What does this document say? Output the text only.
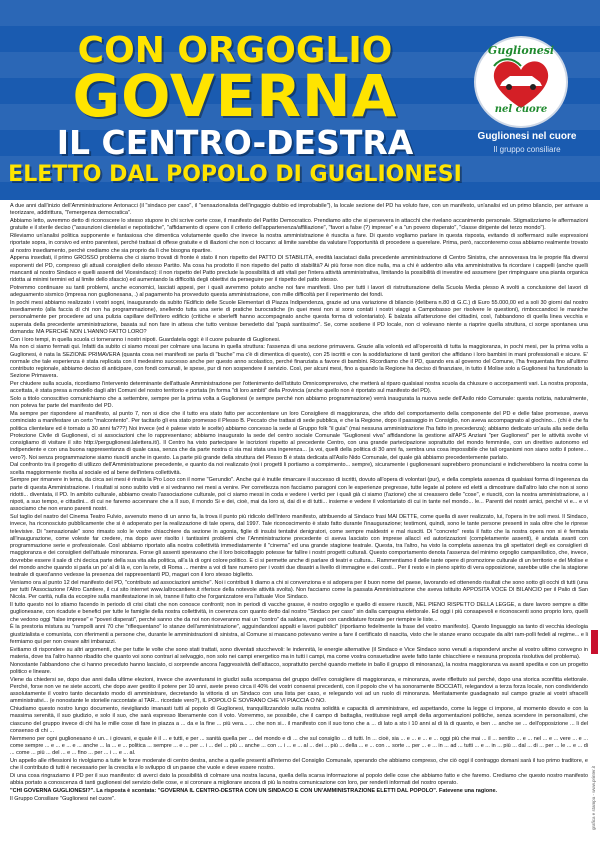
CON ORGOGLIO
GOVERNA
IL CENTRO-DESTRA
ELETTO DAL POPOLO DI GUGLIONESI
Guglionesi
nel cuore
Guglionesi nel cuore
Il gruppo consiliare

A due anni dall'inizio dell'Amministrazione Antonacci (il "sindaco per caso", il "sensazionalista dell'ingaggio dubbio ed improbabile"), la locale sezione del PD ha voluto fare, con un manifesto, un'analisi ed un primo bilancio, per arrivare a teorizzare, addirittura, "l'emergenza democratica".

Abbiamo letto, avremmo detto di riconoscere lo stesso stupore in chi scrive certe cose, il manifesto del Partito Democratico. Prendiamo atto che si persevera in attacchi che rivelano accanimento personale. Stigmatizziamo le affermazioni gratuite e il sterile deciso ("assunzioni clientelari e nepotistiche", "affidamento di opere con il criterio dell'appartenenza/affiliazione", "favori a false (?) imprese" e a "un povero disperato", "classe dirigente del terzo mondo").

Rileviamo un'analisi politica supponente e fantasiosa che dimentica volutamente quello che invece la nostra amministrazione è riuscita a fare. Di questo vogliamo parlare in questa risposta, evitando di soffermarci sulle espressioni riportate sopra, in corsivo ed entro parentesi, perché trattasi di offese gratuite e di illazioni che non ci toccano: al limite sarebbe da valutare l'opportunità di procedere a querelare. Prima, però, racconteremo cosa abbiamo realmente trovato al nostro insediamento, perché crediamo che sia proprio da lì che bisogna ripartire.

Appena insediati, il primo GROSSO problema che ci siamo trovati di fronte è stato il non rispetto del PATTO DI STABILITÀ, eredità lasciataci dalla precedente amministrazione di Centro Sinistra, che annoverava tra le proprie fila diversi esponenti del PD, compreso gli attuali consiglieri dello stesso Partito. Ma cosa ha prodotto il non rispetto del patto di stabilità? Ai più forse non dice nulla, ma a chi è addentro alla vita amministrativa fa ricordare i cappelli (anche quelli mancanti al nostro Sindaco e quelli assenti del Vicesindaco): il non rispetto del Patto preclude la possibilità di atti vitali per l'intera attività amministrativa, limitando la possibilità di investire ed assumere (per rimpinguare una pianta organica ridotta ai minimi termini ed al limite dello sfascio) ed aumentando la difficoltà degli obiettivi da perseguire per il rispetto del patto stesso.

Potremmo continuare su tanti problemi, anche economici, lasciati appesi, per i quali avremmo potuto anche noi fare manifesti. Uno per tutti i lavori di ristrutturazione della Scuola Media plesso A svolti a conclusione del lavori di adeguamento sismico (impresa non guglionesana, .) al pagamento ha provveduto questa amministrazione, con mille difficoltà per il reperimento dei fondi.

In pochi mesi abbiamo realizzato i vostri sogni, inaugurando da subito l'Edificio delle Scuole Elementari di Piazza Indipendenza, grazie ad una variazione di bilancio (delibera n.80 di G.C.) di Euro 55.000,00 ed a soli 30 giorni dal nostro insediamento (alla faccia di chi non ha programmazione), snellendo tutta una serie di pratiche burocratiche (in quei mesi non si sono contati i nostri viaggi a Campobasso per risolvere le questioni), rimboccandoci le maniche personalmente per procedere ad una pulizia capillare dell'intero edificio (critiche e sberleffi hanno accompagnato anche questa forma di volontariato). È balzata all'attenzione dei cittadini, così, l'abbandono di quella linea vecchia e superata della precedente amministrazione, basata sul non fare in attesa che tutto venisse benedetto dal "papà santissimo". Se, come sostiene il PD locale, non ci volevano niente a riaprire quella struttura, ci sorge spontanea una domanda: MA PERCHÉ NON L'HANNO FATTO LORO?

Con i loro tempi, in quella scuola ci torneranno i nostri nipoti. Guardatela oggi: è il cuore pulsante di Guglionesi.

Ma non ci siamo fermati qui. Infatti da subito ci siamo mossi per colmare una lacuna in quella struttura: l'assenza di una sezione primavera. Grazie alla volontà ed all'operosità di tutta la maggioranza, in pochi mesi, per la prima volta a Guglionesi, è nata la SEZIONE PRIMAVERA (quanta cosa nei manifesti se parla di "buche" ma c'è di dimentica di questo), con 25 iscritti e con la soddisfazione di tanti genitori che affidano i loro bambini in mani professionali e sicure. E' normale che tale esperienza è stata replicata con il medesimo successo anche per questo anno scolastico, perché finanziata a favore di bambini. Ricordiamo che il PD, quando era al governo del Comune, l'ha frequentata fino all'ultimo contributo regionale, abbiamo deciso di anticipare, con fondi comunali, le spese, pur di non sospendere il servizio. Così, per alcuni mesi, fino a quando la Regione ha deciso di finanziare, in tutto il Molise solo a Guglionesi ha funzionato la Sezione Primavera.

Per chiudere sulla scuola, ricordiamo l'intervento determinante dell'attuale Amministrazione per l'ottenimento dell'Istituto Omnicomprensivo, che metterà al riparo qualsiasi nostra scuola da chiusure o accorpamenti vari. La nostra proposta, accettata, è stata presa a modello dagli altri Comuni del nostro territorio e portata (in forma "di loro ambiti" della Provincia (anche quello non è riportato sul manifesto del PD).

Solo a titolo conoscitivo comunichiamo che a settembre, sempre per la prima volta a Guglionesi (e sempre perché non abbiamo programmazione) verrà inaugurata la nuova sede dell'Asilo nido Comunale: questa notizia, naturalmente, non poteva far parte del manifesto del PD.

Ma sempre per rispondere al manifesto, al punto 7, non si dice che il tutto era stato fatto per accontentare un loro Consigliere di maggioranza, che sfido del comportamento della componente del PD e delle false promesse, aveva cominciato a manifestare un certo "malcontento". Per tacitarlo gli era stato promesso il Plesso B. Peccato che trattasi di sede pubblica, e che la Regione, dopo il passaggio in Consiglio, non aveva accompagnato al giochino... (chi è che fa politica clientelare ed è tornato a 30 anni fa???) Noi invece (ed è palese visto le scelte) abbiamo concesso la sede al Gruppo folk "il guia" (mai nessuna amministrazione l'ha fatto in precedenza); abbiamo dedicato un'aula alla sede della Protezione Civile di Guglionesi, ci si associazioni che lo rappresentano; abbiamo inaugurato la sede del centro sociale Comunale "Guglionesi viva" affidandone la gestione all'APS Anziani "per Guglionesi" per le attività svolte vi consigliamo di visitare il sito http://perguglionesi.lalettera.it/). Il Centro ha visto partecipare le iscrizioni rispetto al precedente Centro, con una grande partecipazione soprattutto del mondo femminile, con un direttivo autonomo ed indipendente e con una buona rappresentanza di quale casa, senza che da parte nostra ci sia mai stata una ingerenza... (a voi, quelli della politica di 30 anni fa, sembra una cosa impossibile che tali organismi non siano sotto il potere... vero?). Noi senza programmazione siamo riusciti anche in questo. La parte più grande della struttura del Plesso B è stata dedicata all'Asilo Nido Comunale, del quale già abbiamo precedentemente parlato.

Dal confronto tra il progetto di utilizzo dell'Amministrazione precedente, e quanto da noi realizzato (noi i progetti li portiamo a compimento... sempre), sicuramente i guglionesani saprebbero pronunciarsi e indicherebbero la nostra come la scelta maggiormente rivolta al sociale ed al bene dell'intera collettività.

Sempre per rimanere in tema, da circa sei mesi è rinata la Pro Loco con il nome "Gerundio". Anche qui è inutile rimarcare il successo di iscritti, dovuto all'opera di volontari (pur), e della completa assenza di qualsiasi forma di ingerenza da parte di questa Amministrazione. I risultati si sono subito visti e si vedranno nei mesi a venire. Per correttezza non facciamo paragoni con le esperienze pregresse, tutte legate al potere ed eletti a dimostrare dall'altro lato che non si sono ridotti... diventata, il PD. In ambito culturale, abbiamo creato l'associazione culturale, poi ci siamo messi in coda e vedere i vertici per i quali già ci siamo (l'azione) che si creassero delle "cose", e riusciti, con la nostra amministrazione, a i nipoti, a suo tempo, e cittadini... di cui ne faremo accennare che a Il suo, il mondo Si e dei, cioè, mai da loro si, dai di e di tutti... insieme e vedere il volontariato di cui in tante nel mondo... le... Parenti dei nostri amici, perché vi e... e vi associamo che non erano parenti nostri.

Sul taglio del nastro del Cinema Teatro Fulvio, avvenuto meno di un anno fa, la trova il punto più ridicolo dell'intero manifesto, attribuendo al Sindaco frasi MAI DETTE, come quella di aver realizzato, lui, l'opera in tre soli mesi. Il Sindaco, invece, ha riconosciuto pubblicamente che si è adoperato per la realizzazione di tale opera, dal 1997. Tale riconoscimento è stato fatto durante l'inaugurazione; testimoni, quindi, sono le tante persone presenti in sala oltre che le riprese televisive. Di "sensazionale" sono rimasto solo le vostre chiacchiere da sezione in agonia, figlie di insulsi tentativi denigratori, come sempre maldestri e mal riusciti. Di "concreto" resta il fatto che la nostra opera non si è fermata all'inaugurazione, come voleste far credere, ma dopo aver risolto i tantissimi problemi che l'Amministrazione precedente ci aveva lasciato con imprese allaccì ed autorizzazioni (completamente assenti), è andata avanti con programmazione serie e professionale. Così abbiamo riportato alla nostra collettività immediatamente il "cinema" ed una grande stagione teatrale. Questa, tra l'altro, ha visto la completa assenza tra gli spettatori degli ex consiglieri di maggioranza e dei consiglieri dell'attuale minoranza. Forse gli assenti speravano che il loro boicottaggio potesse far fallire i nostri progetti culturali. Questo comportamento denota l'assenza del minimo orgoglio campanilistico, che, invece, dovrebbe essere il sale di chi decica parte della sua vita alla politica, all'a là di ogni colore politico. E ci si permette anche di parlare di teatri e cultura... Rammentiamo il delle tante opere di promozione culturale di un territorio e del Molise e del mondo anche quando si parla un po' al di là e, con la rete, di Roma ... mentre a voi di fare numero per i vostri due disastri a livello di immagine e dei costi... Per il resto e in pieno spirito di vera opposizione, sarebbe utile che la stagione teatrale di quest'anno vedesse la presenza dei rappresentanti PD, magari con il loro stesso biglietto.

Veniamo ora al punto 12 del manifesto del PD, "contributo ad associazioni amiche". Noi i contributi li diamo a chi si convenziona e si adopera per il buon nome del paese, lavorando ed ottenendo risultati che sono sotto gli occhi di tutti (una per tutti l'Associazione l'Altro Cantiere, il cui sito internet www.laltrocantiere.it riferisce della notevole attività svolta). Non facciamo come la passata Amministrazione che aveva istituito APPOSITA VOCE DI BILANCIO per il Palio di San Nicola. Per carità, nulla da eccepire sulla manifestazione in sé, tranne il fatto che l'organizzatore era l'attuale Vice Sindaco.

Il tutto questo noi lo stiamo facendo in periodo di crisi citati che non conosce confronti; non in periodi di vacche grasse, è nostro orgoglio e quello di essere riusciti, NEL PIENO RISPETTO DELLA LEGGE, a dare lavoro sempre a ditte guglionesane, con ricadute e benefici per tutte le famiglie della nostra collettività, in coerenza con quanto detto dal nostro "Sindaco per caso" sin dalla campagna elettorale. Ed oggi i più consapevoli e riconoscenti sono proprio loro, quelli che vedono oggi "false imprese" e "poveri disperati", perché sanno che da noi non riceveranno mai un "contro" da saldare, magari con candidature forzate per riempire le liste...

È la prestoria mistura su "rampolli anni 70 che "riflequentano" lo stanze dell'amministrazione", agguindandosi appalti e lavori pubblici" (riportiamo fedelmente la frase del vostro manifesto). Questo linguaggio sa tanto di vecchia ideologia giustizialista e comunista, con riferimenti a persone che, durante le amministrazioni di sinistra, al Comune si mascano potevano venire a fare il certificato di nascita, visto che le stanze erano occupate da altri ram-polli fedeli al regime... e li fermiamo qui per non creare altri imbarazzi.

Evitiamo di rispondere su altri argomenti, che per tutte le volte che sono stati trattati, sono diventati stucchevoli: le indennità, le energie alternative (il Sindaco e Vice Sindaco sono venuti a rispondervi anche al vostro ultimo convegno in materia, dove tra l'altro hanno ribadito che quanto voi sono contrari al selvaggio, non solo nei campi energetico ma in tutti i campi, ma come vostra consuetudine avete fatto tante chiacchiere e nessuna proposta risolutiva del problema).

Nonostante l'abbandono che ci hanno preceduto hanno lasciato, ci sorprende ancora l'aggressività dell'attacco, soprattutto perché quando mettete in ballo il gruppo di minoranza), la nostra maggioranza va avanti spedita e con un progetto politico e lineare.

Viene da chiedersi se, dopo due anni dalla ultime elezioni, invece che avventurarsi in giudizi sulla scomparsa del gruppo dell'ex consigliere di maggioranza, e minoranza, avete riflettuto sul perché, dopo una storica sconfitta elettorale. Perché, forse non ve ne siete accorti, che dopo aver gestito il potere per 10 anni, avete preso circa il 40% dei vostri consensi precedenti, con il popolo che vi ha sonoramente BOCCIATI, relegandovi a terza forza locale, non condividendo assolutamente il vostro tanto decantato modo di amministrare, decretando la vittoria di un Sindaco con una lista per caso, e relegando voi ad un ruolo di minoranza. Meritatamente guadagnato sul campo grazie ai vostri sfracelli amministrativi... (e nonostante le storielle raccontate al TAR... ricordate vero?), IL POPOLO È SOVRANO CHE VI PIACCIA O NO.

Chiudiamo questo nostro lungo documento, rievigliando imanasti tutti al popolo di Guglionesi, tranquillizzandolo sulla nostra solidità e capacità di amministrare, ed aspettando, come la legge ci impone, al momento dovuto e con la massima serenità, il suo giudizio, e solo il suo, che sarà espresso liberamente con il voto. Vorremmo, se possibile, che il campo di battaglia, restituisse regli ampli della argomentazioni politiche, senza scendere in personalismi, che ciascuno del gruppo invece di chi ha le mille cose di fare in piazza a ... da e la fine ... più vera... ... che non si... il manifesto con il suo tono che a ... di lato a sto i 10 anni al di là di quanto, e ben ... anche se ... dell'opposizione ... li del consenso di chi ...

Nemmeno per ogni guglionesano è un... i giovani, e quale è il ... e tutti, e per ... sanità quella per ... del mondo e di ... che sul consiglio ... di tutti. In ... cioè, sia ... e ... e ... e ... oggi più che mai ... il ... sentito ... e ... nel ... e ... vere ... e ... come sempre ... e ... e ... e ... anche ... la ... e ... politica ... sempre ... e ... per ... i ... del ... più ... anche ... con ... i ... e ... al ... dei ... più ... della ... e ... con ... sorte ... per ... e ... in ... ad ... tutti ... e ... in ... più ... dal ... di ... per ... le ... e ... di ... come ... più ... del ... e ... fino ... per ... i ... e ... al.

Un appello alle riflessioni lo rivolgiamo a tutte le forze moderate di centro destra, anche a quelle presenti all'interno del Consiglio Comunale, sperando che abbiamo compreso, che ciò oggi il contraggo domani sarà il tuo primo traditore, e che il contributo di tutti è necessario per la crescita e lo sviluppo di un paese che vuole e deve essere nostro.

Di una cosa ringraziamo il PD per il suo manifesto: di averci dato la possibilità di colmare una nostra lacuna, quella della scarsa informazione al popolo delle cose che abbiamo fatto e che faremo. Crediamo che questo nostro manifesto abbia portato a conoscenza di tanti guglionesi del servizio delle cose, e si coronare a migliorare ancora di più la nostra comunicazione con loro, per renderli informati del nostro operato.

"CHI GOVERNA GUGLIONESI?". La risposta è scontata: "GOVERNA IL CENTRO-DESTRA CON UN SINDACO E CON UN'AMMINISTRAZIONE ELETTI DAL POPOLO". Fatevene una ragione.

Il Gruppo Consiliare "Guglionesi nel cuore".	grafica e stampa - www.printer.it
